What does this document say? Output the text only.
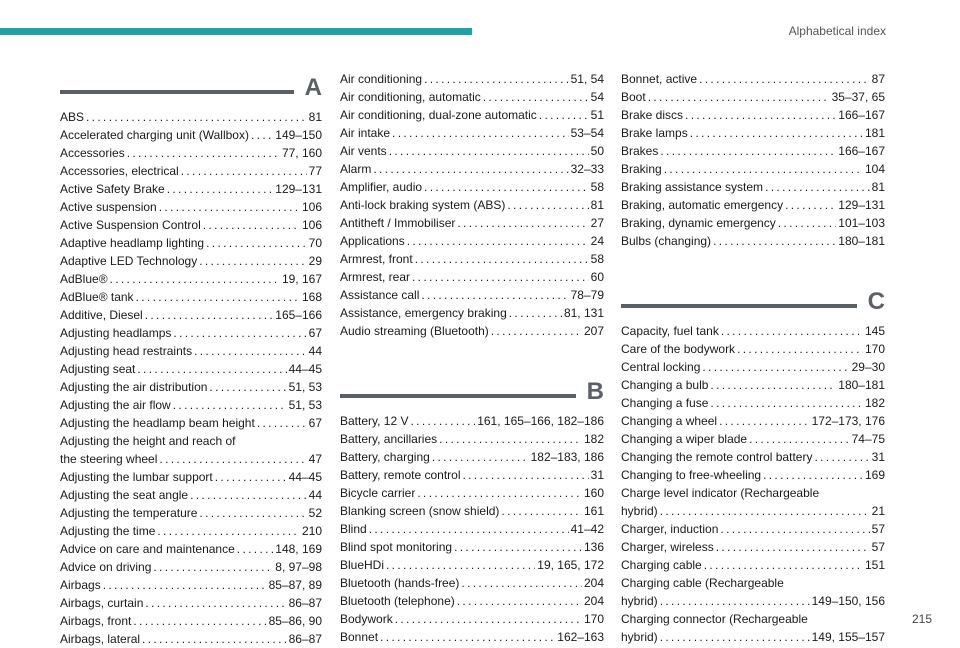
Alphabetical index
A
ABS . . .	81
Accelerated charging unit (Wallbox) . . . 149–150
Accessories . . .	77, 160
Accessories, electrical . . .	77
Active Safety Brake . . .	129–131
Active suspension . . .	106
Active Suspension Control . . .	106
Adaptive headlamp lighting . . .	70
Adaptive LED Technology . . .	29
AdBlue® . . .	19, 167
AdBlue® tank . . .	168
Additive, Diesel . . .	165–166
Adjusting headlamps . . .	67
Adjusting head restraints . . .	44
Adjusting seat . . .	44–45
Adjusting the air distribution . . .	51, 53
Adjusting the air flow . . .	51, 53
Adjusting the headlamp beam height . . .	67
Adjusting the height and reach of
the steering wheel . . .	47
Adjusting the lumbar support . . .	44–45
Adjusting the seat angle . . .	44
Adjusting the temperature . . .	52
Adjusting the time . . .	210
Advice on care and maintenance . . .	148, 169
Advice on driving . . .	8, 97–98
Airbags . . .	85–87, 89
Airbags, curtain . . .	86–87
Airbags, front . . .	85–86, 90
Airbags, lateral . . .	86–87
Air conditioning . . .	51, 54
Air conditioning, automatic . . .	54
Air conditioning, dual-zone automatic . . .	51
Air intake . . .	53–54
Air vents . . .	50
Alarm . . .	32–33
Amplifier, audio . . .	58
Anti-lock braking system (ABS) . . .	81
Antitheft / Immobiliser . . .	27
Applications . . .	24
Armrest, front . . .	58
Armrest, rear . . .	60
Assistance call . . .	78–79
Assistance, emergency braking . . .	81, 131
Audio streaming (Bluetooth) . . .	207
B
Battery, 12 V . . .	161, 165–166, 182–186
Battery, ancillaries . . .	182
Battery, charging . . .	182–183, 186
Battery, remote control . . .	31
Bicycle carrier . . .	160
Blanking screen (snow shield) . . .	161
Blind . . .	41–42
Blind spot monitoring . . .	136
BlueHDi . . .	19, 165, 172
Bluetooth (hands-free) . . .	204
Bluetooth (telephone) . . .	204
Bodywork . . .	170
Bonnet . . .	162–163
Bonnet, active . . .	87
Boot . . .	35–37, 65
Brake discs . . .	166–167
Brake lamps . . .	181
Brakes . . .	166–167
Braking . . .	104
Braking assistance system . . .	81
Braking, automatic emergency . . .	129–131
Braking, dynamic emergency . . .	101–103
Bulbs (changing) . . .	180–181
C
Capacity, fuel tank . . .	145
Care of the bodywork . . .	170
Central locking . . .	29–30
Changing a bulb . . .	180–181
Changing a fuse . . .	182
Changing a wheel . . .	172–173, 176
Changing a wiper blade . . .	74–75
Changing the remote control battery . . .	31
Changing to free-wheeling . . .	169
Charge level indicator (Rechargeable
hybrid) . . .	21
Charger, induction . . .	57
Charger, wireless . . .	57
Charging cable . . .	151
Charging cable (Rechargeable
hybrid) . . .	149–150, 156
Charging connector (Rechargeable
hybrid) . . .	149, 155–157
215
